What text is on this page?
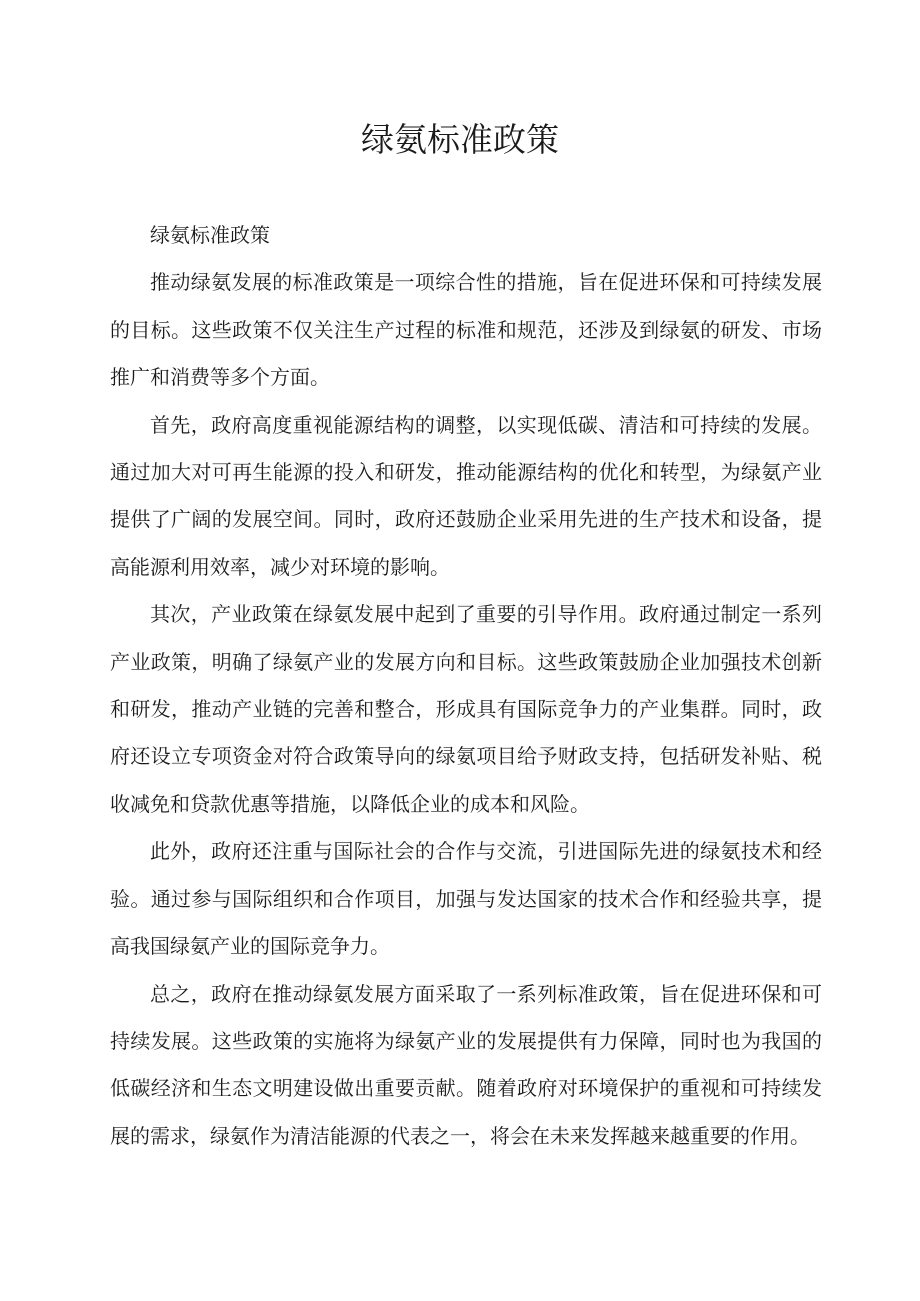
绿氨标准政策

绿氨标准政策

推动绿氨发展的标准政策是一项综合性的措施，旨在促进环保和可持续发展的目标。这些政策不仅关注生产过程的标准和规范，还涉及到绿氨的研发、市场推广和消费等多个方面。

首先，政府高度重视能源结构的调整，以实现低碳、清洁和可持续的发展。通过加大对可再生能源的投入和研发，推动能源结构的优化和转型，为绿氨产业提供了广阔的发展空间。同时，政府还鼓励企业采用先进的生产技术和设备，提高能源利用效率，减少对环境的影响。

其次，产业政策在绿氨发展中起到了重要的引导作用。政府通过制定一系列产业政策，明确了绿氨产业的发展方向和目标。这些政策鼓励企业加强技术创新和研发，推动产业链的完善和整合，形成具有国际竞争力的产业集群。同时，政府还设立专项资金对符合政策导向的绿氨项目给予财政支持，包括研发补贴、税收减免和贷款优惠等措施，以降低企业的成本和风险。

此外，政府还注重与国际社会的合作与交流，引进国际先进的绿氨技术和经验。通过参与国际组织和合作项目，加强与发达国家的技术合作和经验共享，提高我国绿氨产业的国际竞争力。

总之，政府在推动绿氨发展方面采取了一系列标准政策，旨在促进环保和可持续发展。这些政策的实施将为绿氨产业的发展提供有力保障，同时也为我国的低碳经济和生态文明建设做出重要贡献。随着政府对环境保护的重视和可持续发展的需求，绿氨作为清洁能源的代表之一，将会在未来发挥越来越重要的作用。
